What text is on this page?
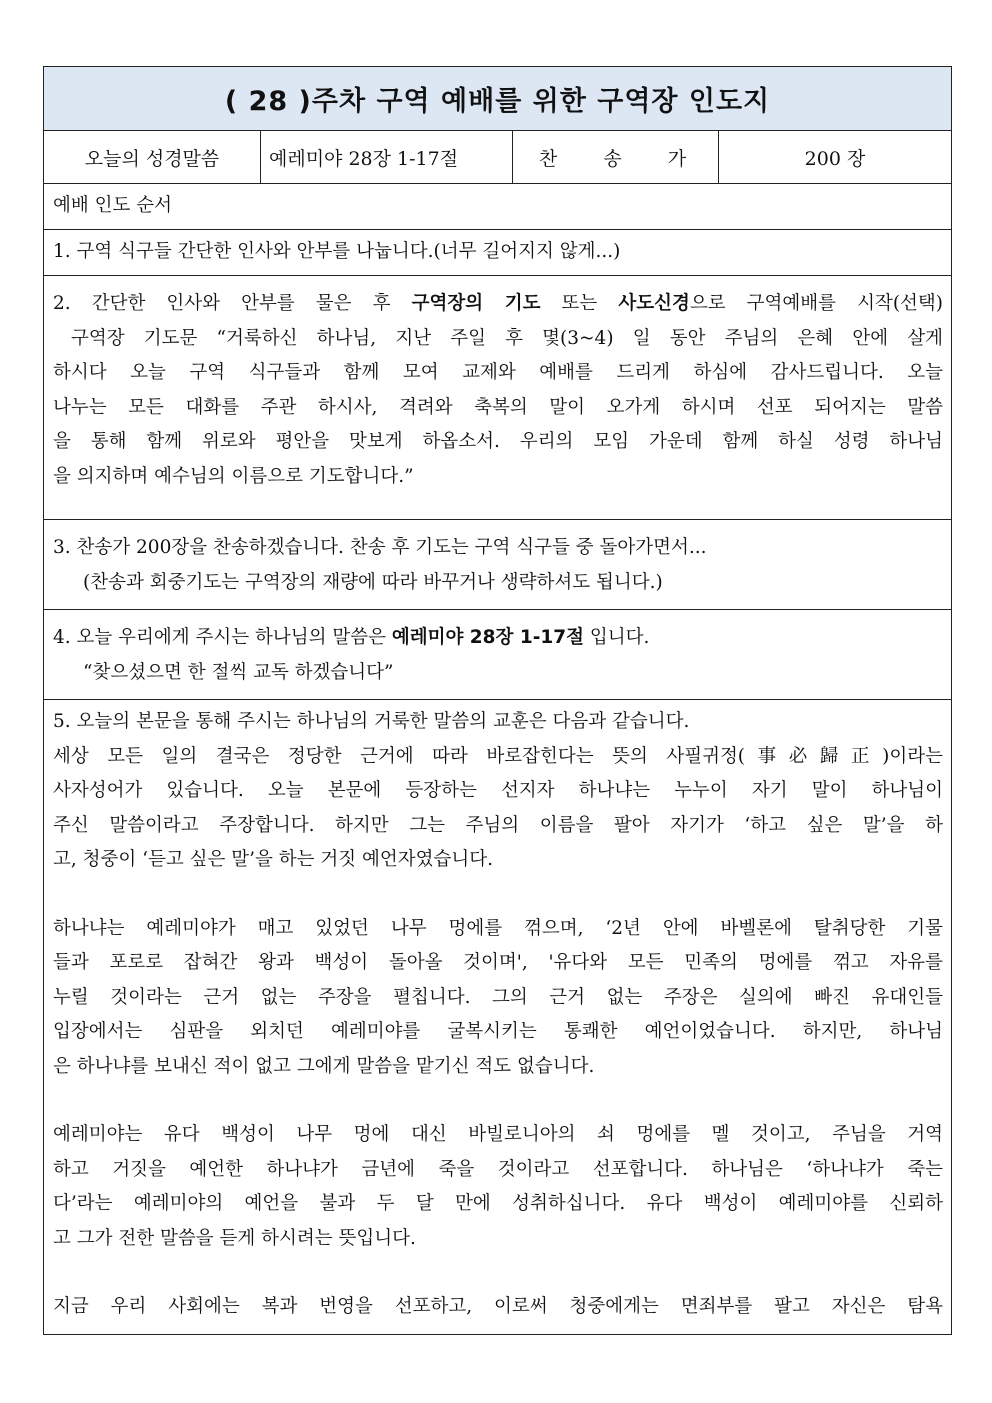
( 28 )주차 구역 예배를 위한 구역장 인도지
오늘의 성경말씀	예레미야 28장 1-17절	찬 송 가	200 장
예배 인도 순서
1. 구역 식구들 간단한 인사와 안부를 나눕니다.(너무 길어지지 않게...)
2. 간단한 인사와 안부를 물은 후 구역장의 기도 또는 사도신경으로 구역예배를 시작(선택)
구역장 기도문 “거룩하신 하나님, 지난 주일 후 몇(3~4) 일 동안 주님의 은혜 안에 살게
하시다 오늘 구역 식구들과 함께 모여 교제와 예배를 드리게 하심에 감사드립니다. 오늘
나누는 모든 대화를 주관 하시사, 격려와 축복의 말이 오가게 하시며 선포 되어지는 말씀
을 통해 함께 위로와 평안을 맛보게 하옵소서. 우리의 모임 가운데 함께 하실 성령 하나님
을 의지하며 예수님의 이름으로 기도합니다.”
3. 찬송가 200장을 찬송하겠습니다. 찬송 후 기도는 구역 식구들 중 돌아가면서...
(찬송과 회중기도는 구역장의 재량에 따라 바꾸거나 생략하셔도 됩니다.)
4. 오늘 우리에게 주시는 하나님의 말씀은 예레미야 28장 1-17절 입니다.
“찾으셨으면 한 절씩 교독 하겠습니다”
5. 오늘의 본문을 통해 주시는 하나님의 거룩한 말씀의 교훈은 다음과 같습니다.
세상 모든 일의 결국은 정당한 근거에 따라 바로잡힌다는 뜻의 사필귀정(事必歸正)이라는
사자성어가 있습니다. 오늘 본문에 등장하는 선지자 하나냐는 누누이 자기 말이 하나님이
주신 말씀이라고 주장합니다. 하지만 그는 주님의 이름을 팔아 자기가 ‘하고 싶은 말’을 하
고, 청중이 ‘듣고 싶은 말’을 하는 거짓 예언자였습니다.
하나냐는 예레미야가 매고 있었던 나무 멍에를 꺾으며, ‘2년 안에 바벨론에 탈취당한 기물
들과 포로로 잡혀간 왕과 백성이 돌아올 것이며', '유다와 모든 민족의 멍에를 꺾고 자유를
누릴 것이라는 근거 없는 주장을 펼칩니다. 그의 근거 없는 주장은 실의에 빠진 유대인들
입장에서는 심판을 외치던 예레미야를 굴복시키는 통쾌한 예언이었습니다. 하지만, 하나님
은 하나냐를 보내신 적이 없고 그에게 말씀을 맡기신 적도 없습니다.
예레미야는 유다 백성이 나무 멍에 대신 바빌로니아의 쇠 멍에를 멜 것이고, 주님을 거역
하고 거짓을 예언한 하나냐가 금년에 죽을 것이라고 선포합니다. 하나님은 ‘하나냐가 죽는
다’라는 예레미야의 예언을 불과 두 달 만에 성취하십니다. 유다 백성이 예레미야를 신뢰하
고 그가 전한 말씀을 듣게 하시려는 뜻입니다.
지금 우리 사회에는 복과 번영을 선포하고, 이로써 청중에게는 면죄부를 팔고 자신은 탐욕
